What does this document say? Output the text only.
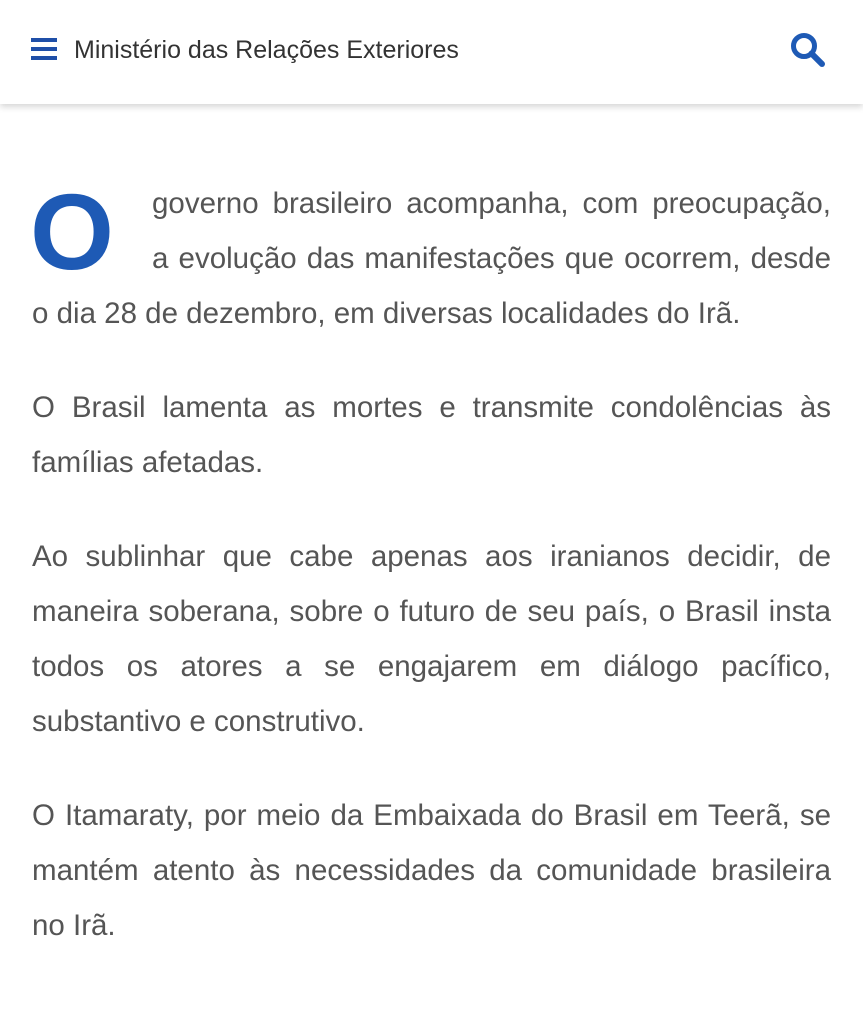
Ministério das Relações Exteriores

O governo brasileiro acompanha, com preocupação, a evolução das manifestações que ocorrem, desde o dia 28 de dezembro, em diversas localidades do Irã.

O Brasil lamenta as mortes e transmite condolências às famílias afetadas.

Ao sublinhar que cabe apenas aos iranianos decidir, de maneira soberana, sobre o futuro de seu país, o Brasil insta todos os atores a se engajarem em diálogo pacífico, substantivo e construtivo.

O Itamaraty, por meio da Embaixada do Brasil em Teerã, se mantém atento às necessidades da comunidade brasileira no Irã.
